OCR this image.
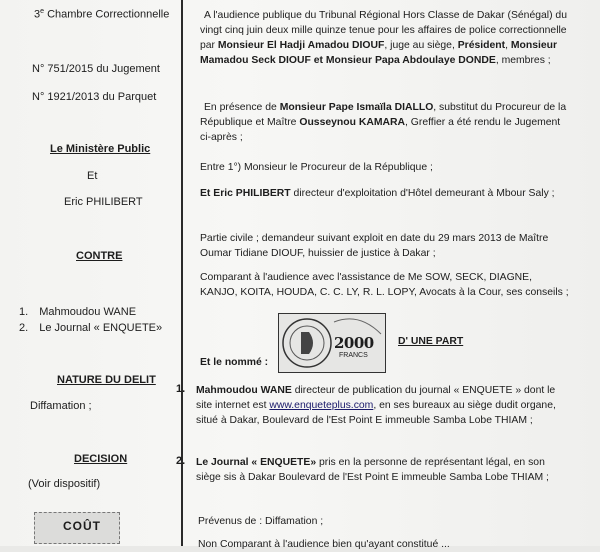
3e Chambre Correctionnelle
N° 751/2015 du Jugement
N° 1921/2013 du Parquet
Le Ministère Public
Et
Eric PHILIBERT
CONTRE
1. Mahmoudou WANE
2. Le Journal « ENQUETE»
NATURE DU DELIT
Diffamation ;
DECISION
(Voir dispositif)
COÛT
A l'audience publique du Tribunal Régional Hors Classe de Dakar (Sénégal) du vingt cinq juin deux mille quinze tenue pour les affaires de police correctionnelle par Monsieur El Hadji Amadou DIOUF, juge au siège, Président, Monsieur Mamadou Seck DIOUF et Monsieur Papa Abdoulaye DONDE, membres ;
En présence de Monsieur Pape Ismaïla DIALLO, substitut du Procureur de la République et Maître Ousseynou KAMARA, Greffier a été rendu le Jugement ci-après ;
Entre 1°) Monsieur le Procureur de la République ;
Et Eric PHILIBERT directeur d'exploitation d'Hôtel demeurant à Mbour Saly ;
Partie civile ; demandeur suivant exploit en date du 29 mars 2013 de Maître Oumar Tidiane DIOUF, huissier de justice à Dakar ;
Comparant à l'audience avec l'assistance de Me SOW, SECK, DIAGNE, KANJO, KOITA, HOUDA, C. C. LY, R. L. LOPY, Avocats à la Cour, ses conseils ;
D' UNE PART
Et le nommé :
2000
FRANCS
1. Mahmoudou WANE directeur de publication du journal « ENQUETE » dont le site internet est www.enqueteplus.com, en ses bureaux au siège dudit organe, situé à Dakar, Boulevard de l'Est Point E immeuble Samba Lobe THIAM ;
2. Le Journal « ENQUETE» pris en la personne de représentant légal, en son siège sis à Dakar Boulevard de l'Est Point E immeuble Samba Lobe THIAM ;
Prévenus de : Diffamation ;
Non Comparant à l'audience bien qu'ayant constitué ...
